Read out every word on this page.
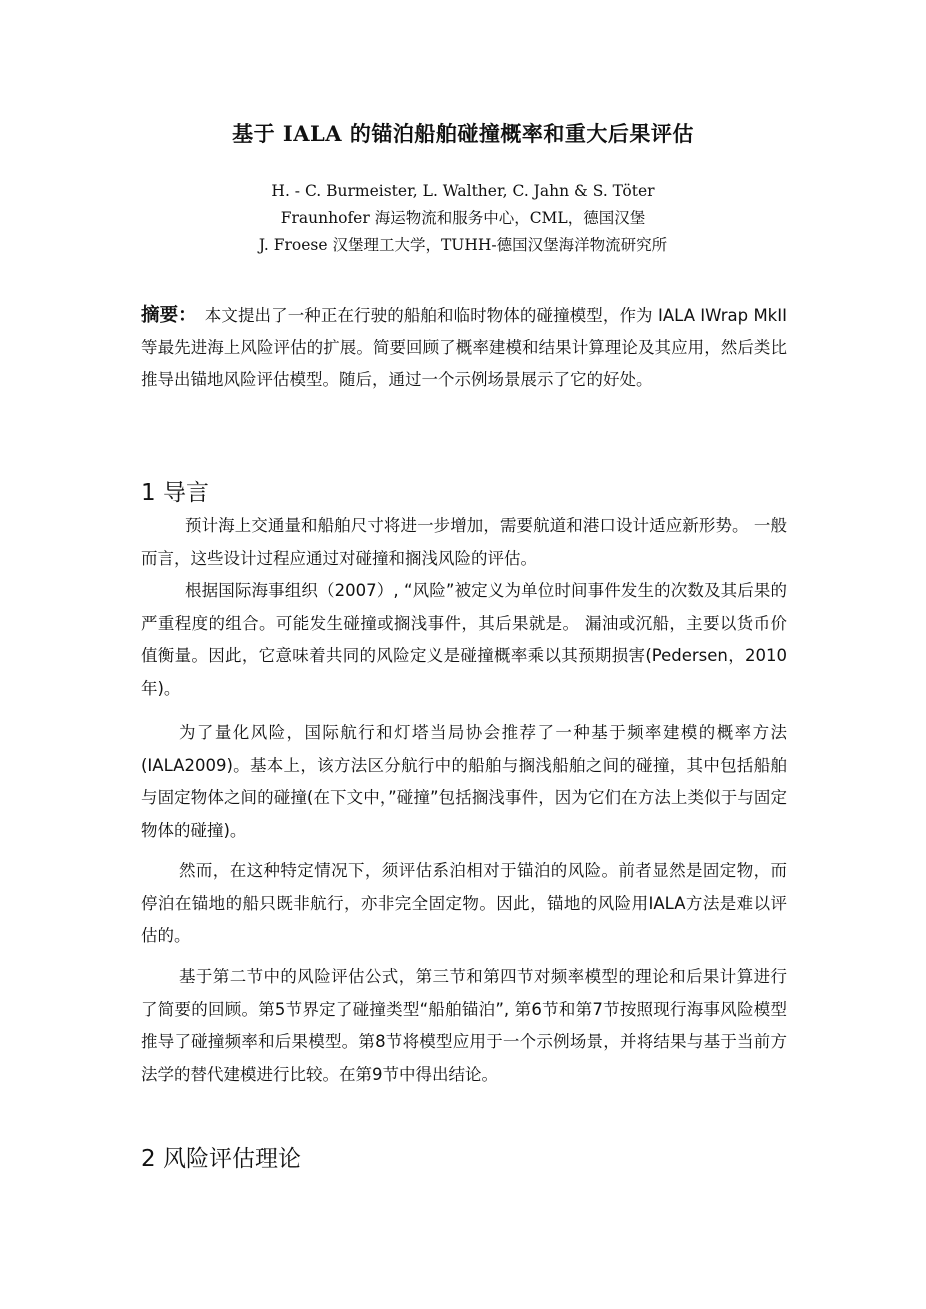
基于 IALA 的锚泊船舶碰撞概率和重大后果评估
H. - C. Burmeister, L. Walther, C. Jahn & S. Töter
Fraunhofer 海运物流和服务中心，CML，德国汉堡
J. Froese 汉堡理工大学，TUHH-德国汉堡海洋物流研究所
摘要： 本文提出了一种正在行驶的船舶和临时物体的碰撞模型，作为 IALA IWrap MkII 等最先进海上风险评估的扩展。简要回顾了概率建模和结果计算理论及其应用，然后类比推导出锚地风险评估模型。随后，通过一个示例场景展示了它的好处。
1 导言

预计海上交通量和船舶尺寸将进一步增加，需要航道和港口设计适应新形势。 一般而言，这些设计过程应通过对碰撞和搁浅风险的评估。

根据国际海事组织（2007）, “风险”被定义为单位时间事件发生的次数及其后果的严重程度的组合。可能发生碰撞或搁浅事件，其后果就是。 漏油或沉船，主要以货币价值衡量。因此，它意味着共同的风险定义是碰撞概率乘以其预期损害(Pedersen，2010 年)。

为了量化风险，国际航行和灯塔当局协会推荐了一种基于频率建模的概率方法(IALA2009)。基本上，该方法区分航行中的船舶与搁浅船舶之间的碰撞，其中包括船舶与固定物体之间的碰撞(在下文中，”碰撞”包括搁浅事件，因为它们在方法上类似于与固定物体的碰撞)。

然而，在这种特定情况下，须评估系泊相对于锚泊的风险。前者显然是固定物，而停泊在锚地的船只既非航行，亦非完全固定物。因此，锚地的风险用IALA方法是难以评估的。

基于第二节中的风险评估公式，第三节和第四节对频率模型的理论和后果计算进行了简要的回顾。第5节界定了碰撞类型“船舶锚泊”, 第6节和第7节按照现行海事风险模型推导了碰撞频率和后果模型。第8节将模型应用于一个示例场景，并将结果与基于当前方法学的替代建模进行比较。在第9节中得出结论。

2 风险评估理论
